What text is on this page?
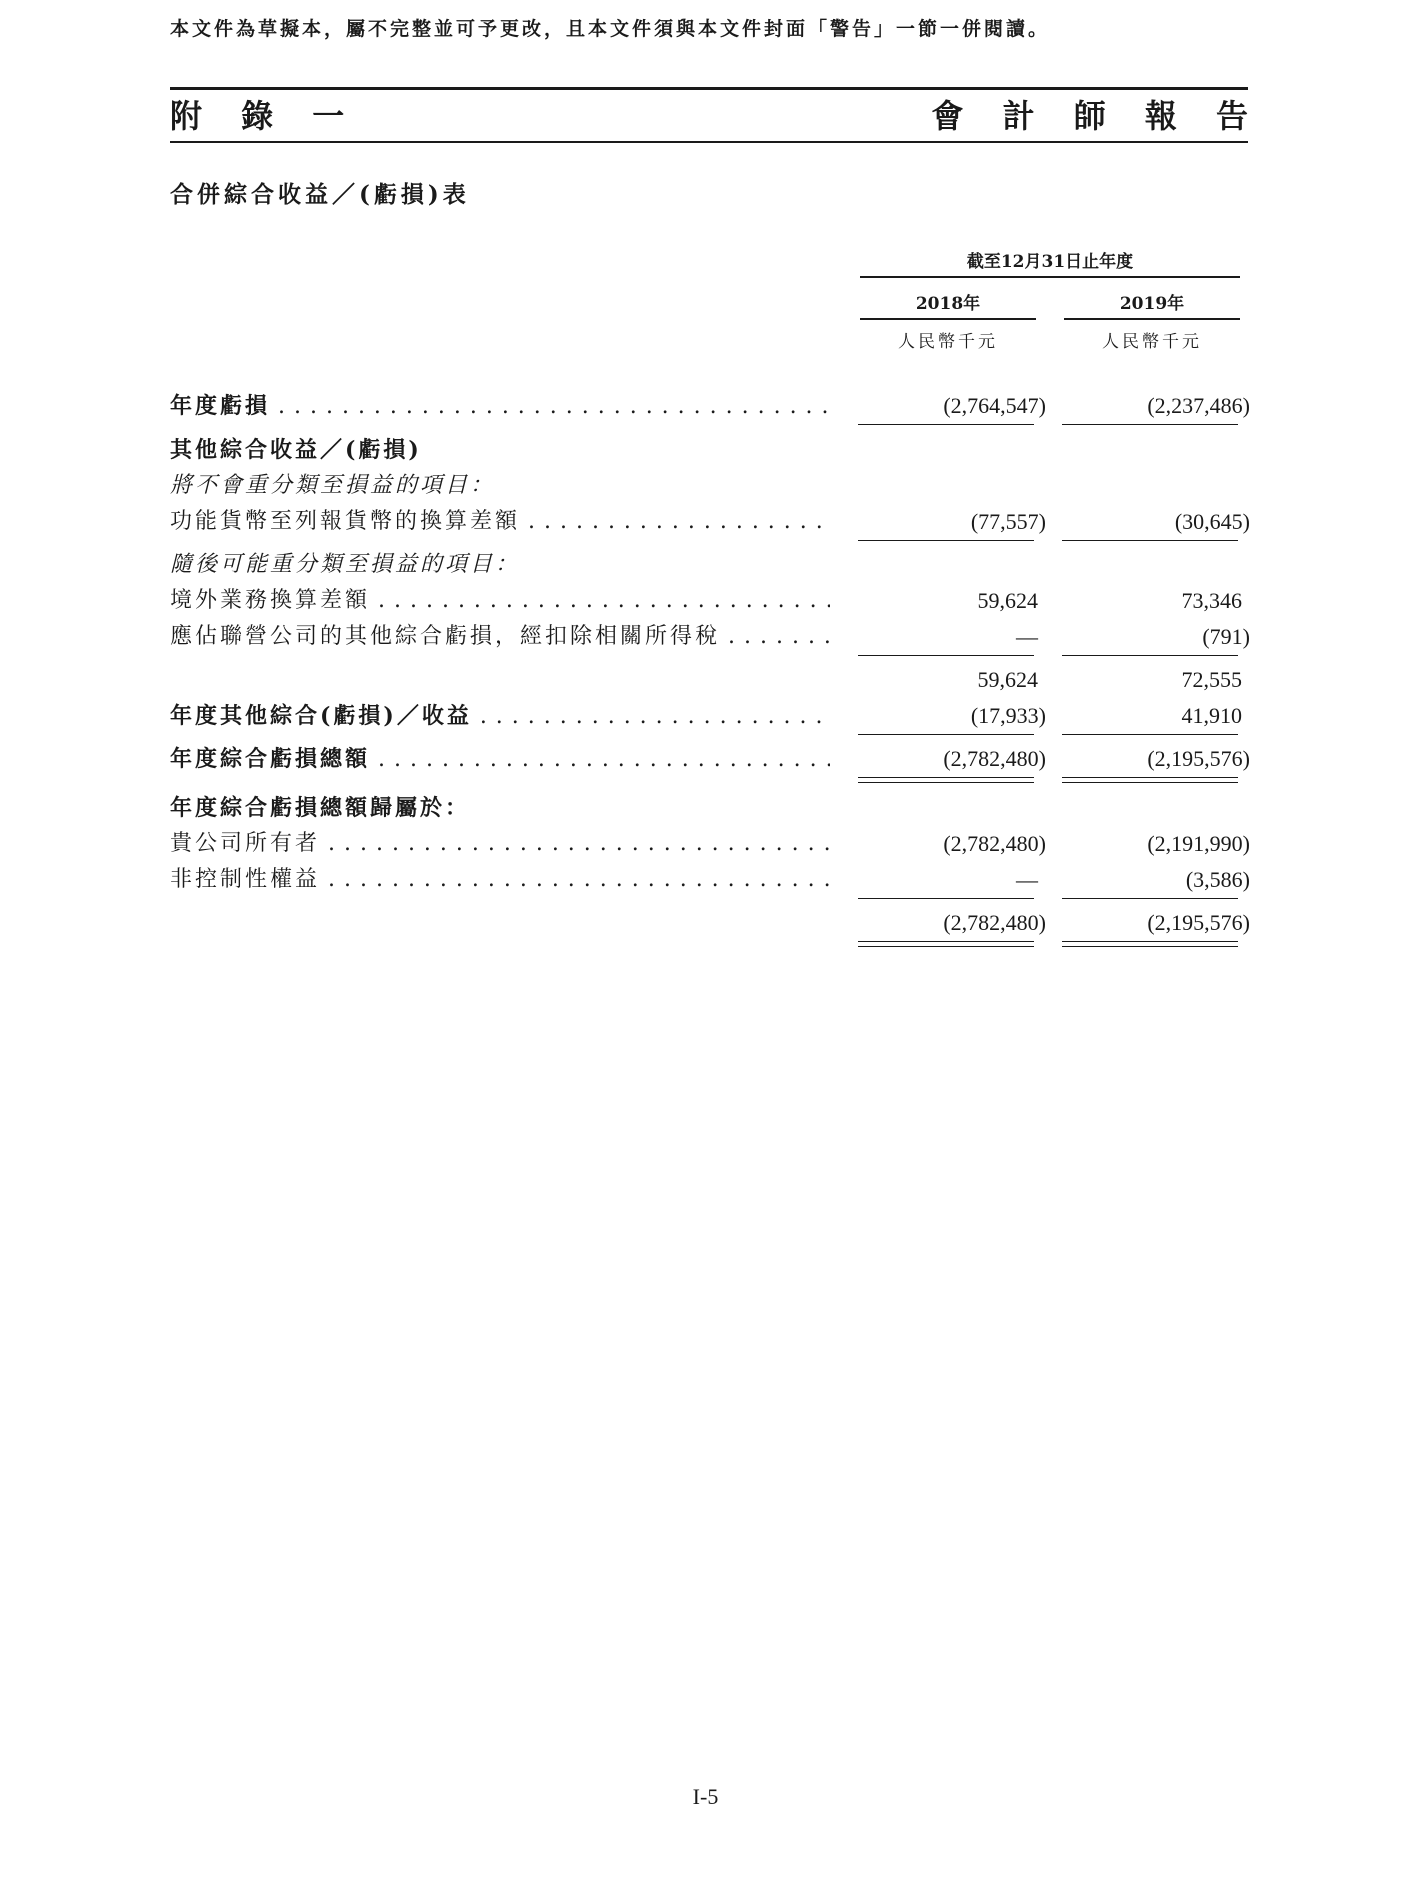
本文件為草擬本，屬不完整並可予更改，且本文件須與本文件封面「警告」一節一併閱讀。
附 錄 一	會 計 師 報 告
合併綜合收益／(虧損)表
截至12月31日止年度
2018年	2019年
人民幣千元	人民幣千元
年度虧損 . . .	(2,764,547)	(2,237,486)
其他綜合收益／(虧損)
將不會重分類至損益的項目：
功能貨幣至列報貨幣的換算差額 . . .	(77,557)	(30,645)
隨後可能重分類至損益的項目：
境外業務換算差額 . . .	59,624	73,346
應佔聯營公司的其他綜合虧損，經扣除相關所得稅 . . .	—	(791)
59,624	72,555
年度其他綜合(虧損)／收益 . . .	(17,933)	41,910
年度綜合虧損總額 . . .	(2,782,480)	(2,195,576)
年度綜合虧損總額歸屬於：
貴公司所有者 . . .	(2,782,480)	(2,191,990)
非控制性權益 . . .	—	(3,586)
(2,782,480)	(2,195,576)
I-5
